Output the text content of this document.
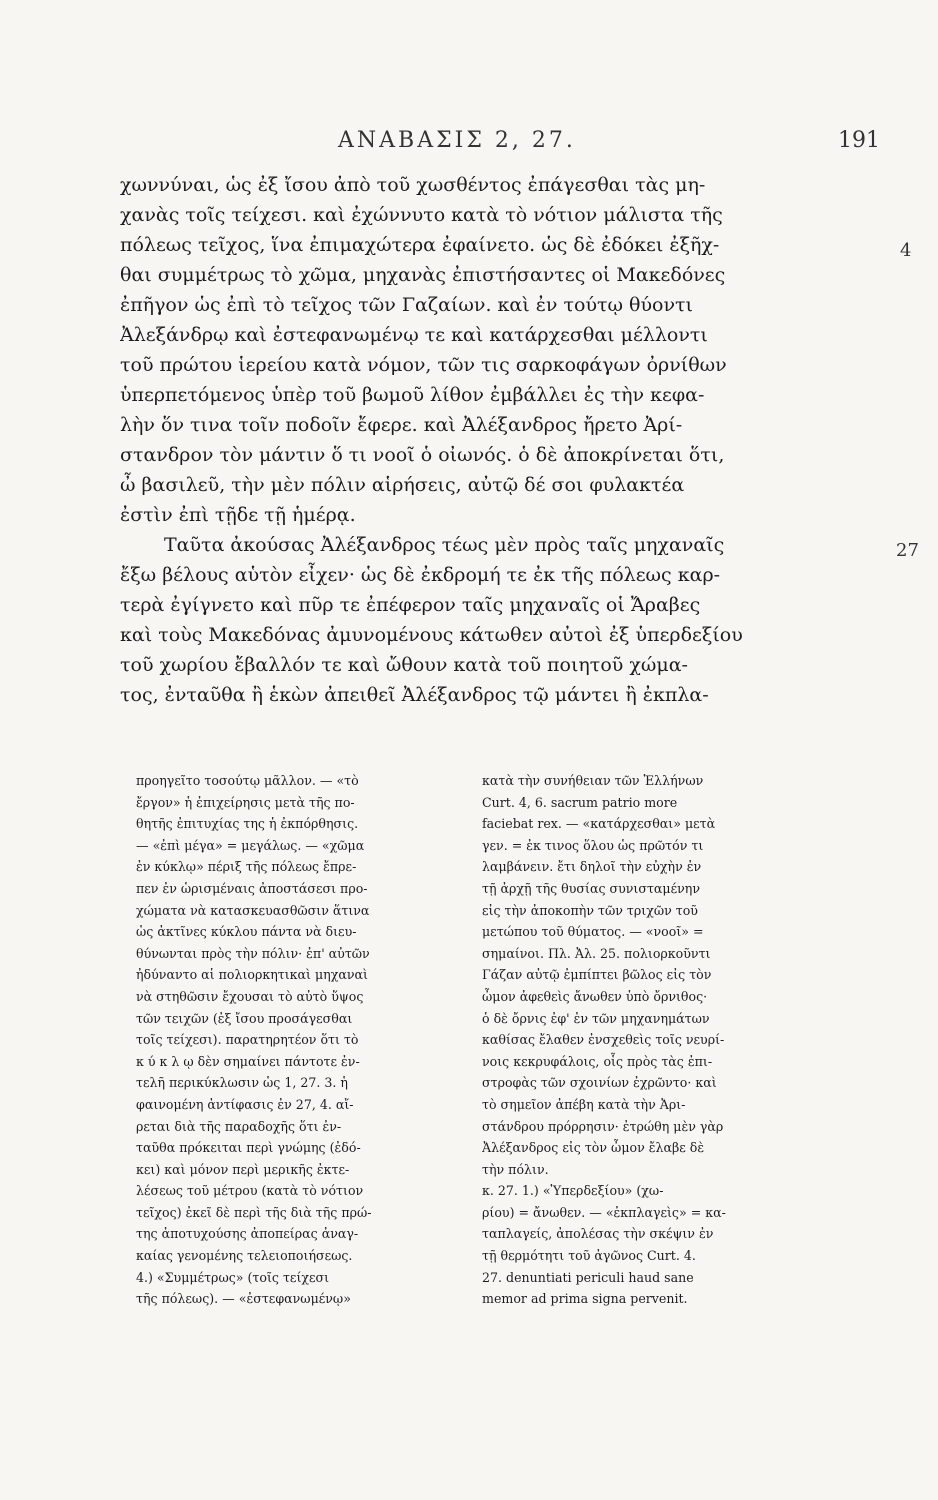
ΑΝΑΒΑΣΙΣ 2, 27.	191

χωννύναι, ὡς ἐξ ἴσου ἀπὸ τοῦ χωσθέντος ἐπάγεσθαι τὰς μη-
χανὰς τοῖς τείχεσι. καὶ ἐχώννυτο κατὰ τὸ νότιον μάλιστα τῆς
πόλεως τεῖχος, ἵνα ἐπιμαχώτερα ἐφαίνετο. ὡς δὲ ἐδόκει ἐξῆχ-
θαι συμμέτρως τὸ χῶμα, μηχανὰς ἐπιστήσαντες οἱ Μακεδόνες
ἐπῆγον ὡς ἐπὶ τὸ τεῖχος τῶν Γαζαίων. καὶ ἐν τούτῳ θύοντι
Ἀλεξάνδρῳ καὶ ἐστεφανωμένῳ τε καὶ κατάρχεσθαι μέλλοντι
τοῦ πρώτου ἱερείου κατὰ νόμον, τῶν τις σαρκοφάγων ὀρνίθων
ὑπερπετόμενος ὑπὲρ τοῦ βωμοῦ λίθον ἐμβάλλει ἐς τὴν κεφα-
λὴν ὅν τινα τοῖν ποδοῖν ἔφερε. καὶ Ἀλέξανδρος ἤρετο Ἀρί-
στανδρον τὸν μάντιν ὅ τι νοοῖ ὁ οἰωνός. ὁ δὲ ἀποκρίνεται ὅτι,
ὦ βασιλεῦ, τὴν μὲν πόλιν αἱρήσεις, αὐτῷ δέ σοι φυλακτέα
ἐστὶν ἐπὶ τῇδε τῇ ἡμέρᾳ.

Ταῦτα ἀκούσας Ἀλέξανδρος τέως μὲν πρὸς ταῖς μηχαναῖς
ἔξω βέλους αὑτὸν εἶχεν· ὡς δὲ ἐκδρομή τε ἐκ τῆς πόλεως καρ-
τερὰ ἐγίγνετο καὶ πῦρ τε ἐπέφερον ταῖς μηχαναῖς οἱ Ἄραβες
καὶ τοὺς Μακεδόνας ἀμυνομένους κάτωθεν αὐτοὶ ἐξ ὑπερδεξίου
τοῦ χωρίου ἔβαλλόν τε καὶ ὤθουν κατὰ τοῦ ποιητοῦ χώμα-
τος, ἐνταῦθα ἢ ἑκὼν ἀπειθεῖ Ἀλέξανδρος τῷ μάντει ἢ ἐκπλα-

4
27
προηγεῖτο τοσούτῳ μᾶλλον. — «τὸ
ἔργον» ἡ ἐπιχείρησις μετὰ τῆς πο-
θητῆς ἐπιτυχίας της ἡ ἐκπόρθησις.
— «ἐπὶ μέγα» = μεγάλως. — «χῶμα
ἐν κύκλῳ» πέριξ τῆς πόλεως ἔπρε-
πεν ἐν ὡρισμέναις ἀποστάσεσι προ-
χώματα νὰ κατασκευασθῶσιν ἅτινα
ὡς ἀκτῖνες κύκλου πάντα νὰ διευ-
θύνωνται πρὸς τὴν πόλιν· ἐπ' αὐτῶν
ἠδύναντο αἱ πολιορκητικαὶ μηχαναὶ
νὰ στηθῶσιν ἔχουσαι τὸ αὐτὸ ὕψος
τῶν τειχῶν (ἐξ ἴσου προσάγεσθαι
τοῖς τείχεσι). παρατηρητέον ὅτι τὸ
κ ύ κ λ ῳ δὲν σημαίνει πάντοτε ἐν-
τελῆ περικύκλωσιν ὡς 1, 27. 3. ἡ
φαινομένη ἀντίφασις ἐν 27, 4. αἴ-
ρεται διὰ τῆς παραδοχῆς ὅτι ἐν-
ταῦθα πρόκειται περὶ γνώμης (ἐδό-
κει) καὶ μόνον περὶ μερικῆς ἐκτε-
λέσεως τοῦ μέτρου (κατὰ τὸ νότιον
τεῖχος) ἐκεῖ δὲ περὶ τῆς διὰ τῆς πρώ-
της ἀποτυχούσης ἀποπείρας ἀναγ-
καίας γενομένης τελειοποιήσεως.
4.) «Συμμέτρως» (τοῖς τείχεσι
τῆς πόλεως). — «ἐστεφανωμένῳ»
κατὰ τὴν συνήθειαν τῶν Ἑλλήνων
Curt. 4, 6. sacrum patrio more
faciebat rex. — «κατάρχεσθαι» μετὰ
γεν. = ἐκ τινος ὅλου ὡς πρῶτόν τι
λαμβάνειν. ἔτι δηλοῖ τὴν εὐχὴν ἐν
τῇ ἀρχῇ τῆς θυσίας συνισταμένην
εἰς τὴν ἀποκοπὴν τῶν τριχῶν τοῦ
μετώπου τοῦ θύματος. — «νοοῖ» =
σημαίνοι. Πλ. Ἀλ. 25. πολιορκοῦντι
Γάζαν αὐτῷ ἐμπίπτει βῶλος εἰς τὸν
ὦμον ἀφεθεὶς ἄνωθεν ὑπὸ ὄρνιθος·
ὁ δὲ ὄρνις ἐφ' ἑν τῶν μηχανημάτων
καθίσας ἔλαθεν ἐνσχεθεὶς τοῖς νευρί-
νοις κεκρυφάλοις, οἷς πρὸς τὰς ἐπι-
στροφὰς τῶν σχοινίων ἐχρῶντο· καὶ
τὸ σημεῖον ἀπέβη κατὰ τὴν Ἀρι-
στάνδρου πρόρρησιν· ἐτρώθη μὲν γὰρ
Ἀλέξανδρος εἰς τὸν ὦμον ἔλαβε δὲ
τὴν πόλιν.
κ. 27. 1.) «Ὑπερδεξίου» (χω-
ρίου) = ἄνωθεν. — «ἐκπλαγεὶς» = κα-
ταπλαγείς, ἀπολέσας τὴν σκέψιν ἐν
τῇ θερμότητι τοῦ ἀγῶνος Curt. 4.
27. denuntiati periculi haud sane
memor ad prima signa pervenit.
